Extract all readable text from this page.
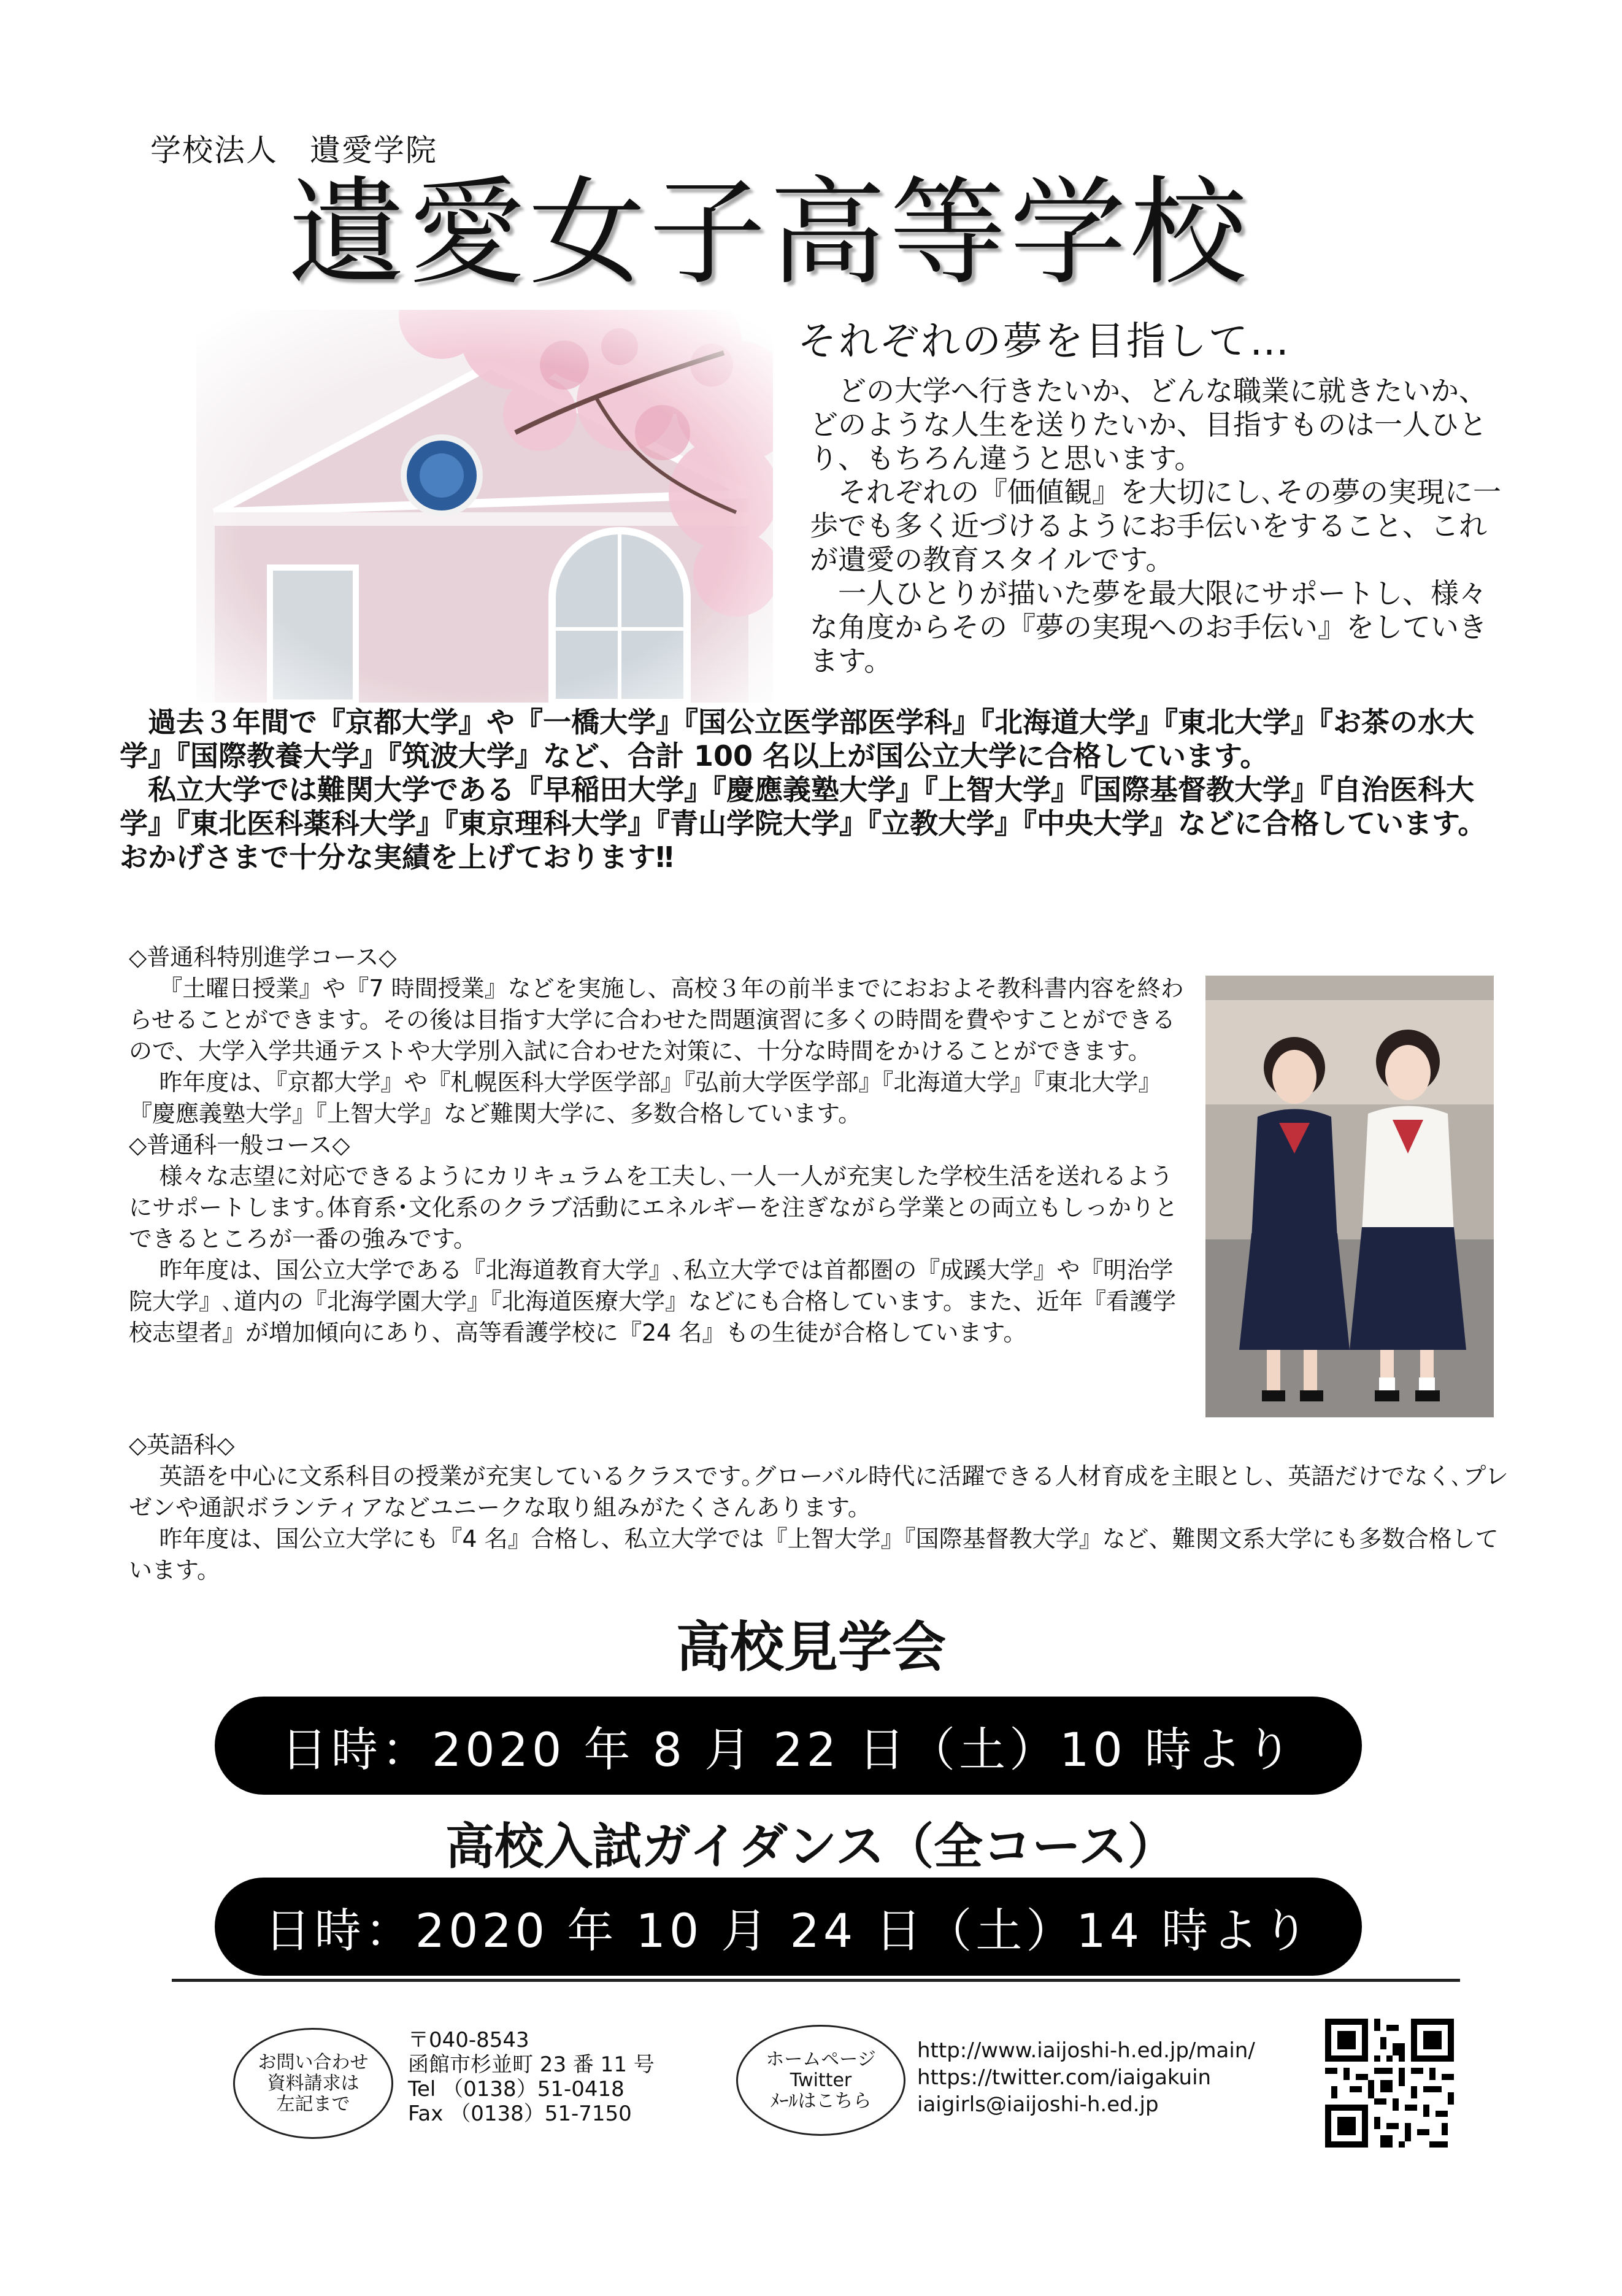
学校法人　遺愛学院
遺愛女子高等学校
それぞれの夢を目指して…

どの大学へ行きたいか、どんな職業に就きたいか、どのような人生を送りたいか、目指すものは一人ひとり、もちろん違うと思います。

それぞれの『価値観』を大切にし､その夢の実現に一歩でも多く近づけるようにお手伝いをすること、これが遺愛の教育スタイルです。

一人ひとりが描いた夢を最大限にサポートし、様々な角度からその『夢の実現へのお手伝い』をしていきます。

過去３年間で『京都大学』や『一橋大学』『国公立医学部医学科』『北海道大学』『東北大学』『お茶の水大学』『国際教養大学』『筑波大学』など、合計 100 名以上が国公立大学に合格しています。

私立大学では難関大学である『早稲田大学』『慶應義塾大学』『上智大学』『国際基督教大学』『自治医科大学』『東北医科薬科大学』『東京理科大学』『青山学院大学』『立教大学』『中央大学』などに合格しています。おかげさまで十分な実績を上げております‼

◇普通科特別進学コース◇

『土曜日授業』や『7 時間授業』などを実施し、高校３年の前半までにおおよそ教科書内容を終わらせることができます。その後は目指す大学に合わせた問題演習に多くの時間を費やすことができるので、大学入学共通テストや大学別入試に合わせた対策に、十分な時間をかけることができます。

昨年度は、『京都大学』や『札幌医科大学医学部』『弘前大学医学部』『北海道大学』『東北大学』『慶應義塾大学』『上智大学』など難関大学に、多数合格しています。

◇普通科一般コース◇

様々な志望に対応できるようにカリキュラムを工夫し､一人一人が充実した学校生活を送れるようにサポートします｡体育系･文化系のクラブ活動にエネルギーを注ぎながら学業との両立もしっかりとできるところが一番の強みです。

昨年度は、国公立大学である『北海道教育大学』､私立大学では首都圏の『成蹊大学』や『明治学院大学』､道内の『北海学園大学』『北海道医療大学』などにも合格しています。また、近年『看護学校志望者』が増加傾向にあり、高等看護学校に『24 名』もの生徒が合格しています。

◇英語科◇

英語を中心に文系科目の授業が充実しているクラスです｡グローバル時代に活躍できる人材育成を主眼とし、英語だけでなく､プレゼンや通訳ボランティアなどユニークな取り組みがたくさんあります。

昨年度は、国公立大学にも『4 名』合格し、私立大学では『上智大学』『国際基督教大学』など、難関文系大学にも多数合格しています。

高校見学会
日時：2020 年 8 月 22 日（土）10 時より
高校入試ガイダンス（全コース）
日時：2020 年 10 月 24 日（土）14 時より
お問い合わせ
資料請求は
左記まで
〒040-8543
函館市杉並町 23 番 11 号
Tel （0138）51-0418
Fax （0138）51-7150
ホームページ
Twitter
ﾒｰﾙはこちら
http://www.iaijoshi-h.ed.jp/main/
https://twitter.com/iaigakuin
iaigirls@iaijoshi-h.ed.jp
